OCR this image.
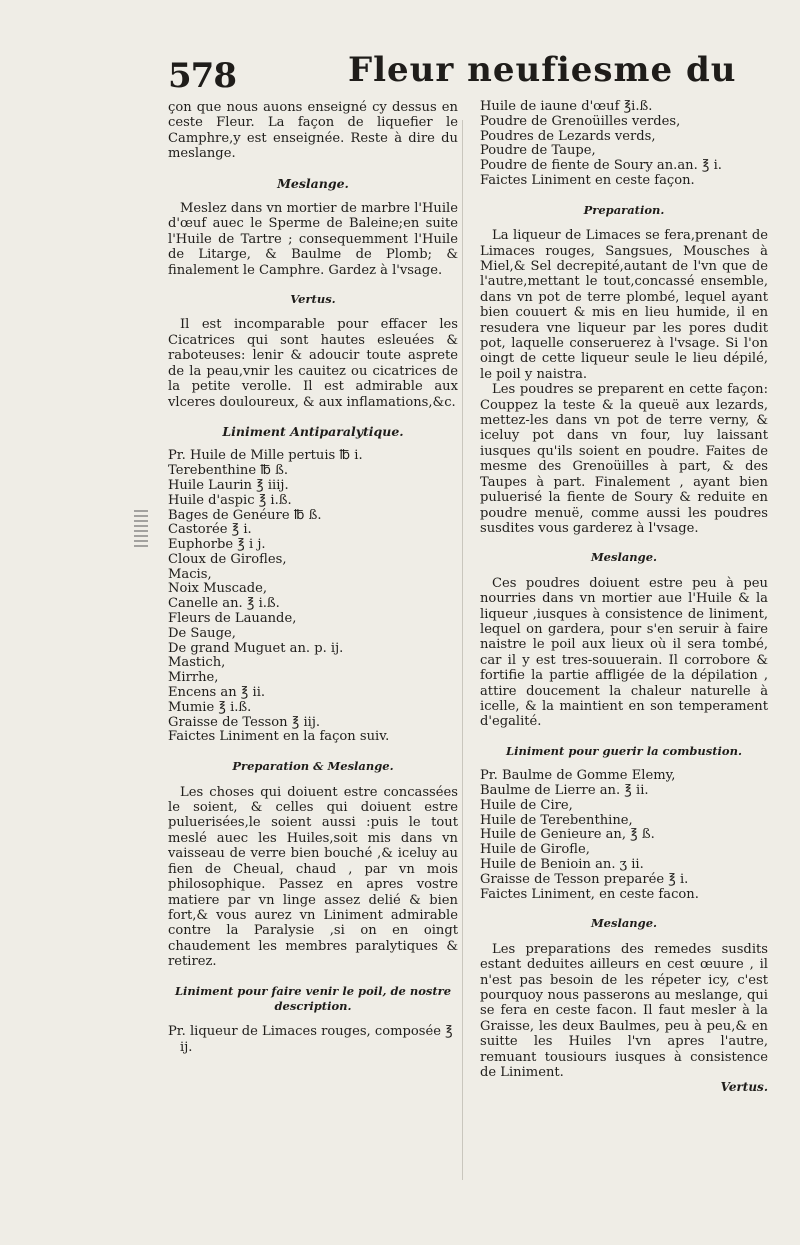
578	Fleur neufiesme du

çon que nous auons enseigné cy dessus en ceste Fleur. La façon de liquefier le Camphre,y est enseignée. Reste à dire du meslange.

Meslange.

Meslez dans vn mortier de marbre l'Huile d'œuf auec le Sperme de Baleine;en suite l'Huile de Tartre ; consequemment l'Huile de Litarge, & Baulme de Plomb; & finalement le Camphre. Gardez à l'vsage.

Vertus.

Il est incomparable pour effacer les Cicatrices qui sont hautes esleuées & raboteuses: lenir & adoucir toute asprete de la peau,vnir les cauitez ou cicatrices de la petite verolle. Il est admirable aux vlceres douloureux, & aux inflamations,&c.

Liniment Antiparalytique.

Pr. Huile de Mille pertuis ℔ i.

Terebenthine ℔ ß.

Huile Laurin ℥ iiij.

Huile d'aspic ℥ i.ß.

Bages de Genéure ℔ ß.

Castorée ℥ i.

Euphorbe ℥ i j.

Cloux de Girofles,

Macis,

Noix Muscade,

Canelle an. ℥ i.ß.

Fleurs de Lauande,

De Sauge,

De grand Muguet an. p. ij.

Mastich,

Mirrhe,

Encens an ℥ ii.

Mumie ℥ i.ß.

Graisse de Tesson ℥ iij.

Faictes Liniment en la façon suiv.

Preparation & Meslange.

Les choses qui doiuent estre concassées le soient, & celles qui doiuent estre puluerisées,le soient aussi :puis le tout meslé auec les Huiles,soit mis dans vn vaisseau de verre bien bouché ,& iceluy au fien de Cheual, chaud , par vn mois philosophique. Passez en apres vostre matiere par vn linge assez delié & bien fort,& vous aurez vn Liniment admirable contre la Paralysie ,si on en oingt chaudement les membres paralytiques & retirez.

Liniment pour faire venir le poil, de nostre description.

Pr. liqueur de Limaces rouges, composée ℥ ij.

Huile de iaune d'œuf ℥i.ß.

Poudre de Grenoüilles verdes,

Poudres de Lezards verds,

Poudre de Taupe,

Poudre de fiente de Soury an.an. ℥ i.

Faictes Liniment en ceste façon.

Preparation.

La liqueur de Limaces se fera,prenant de Limaces rouges, Sangsues, Mousches à Miel,& Sel decrepité,autant de l'vn que de l'autre,mettant le tout,concassé ensemble, dans vn pot de terre plombé, lequel ayant bien couuert & mis en lieu humide, il en resudera vne liqueur par les pores dudit pot, laquelle conseruerez à l'vsage. Si l'on oingt de cette liqueur seule le lieu dépilé, le poil y naistra.

Les poudres se preparent en cette façon: Couppez la teste & la queuë aux lezards, mettez-les dans vn pot de terre verny, & iceluy pot dans vn four, luy laissant iusques qu'ils soient en poudre. Faites de mesme des Grenoüilles à part, & des Taupes à part. Finalement , ayant bien puluerisé la fiente de Soury & reduite en poudre menuë, comme aussi les poudres susdites vous garderez à l'vsage.

Meslange.

Ces poudres doiuent estre peu à peu nourries dans vn mortier aue l'Huile & la liqueur ,iusques à consistence de liniment, lequel on gardera, pour s'en seruir à faire naistre le poil aux lieux où il sera tombé, car il y est tres-souuerain. Il corrobore & fortifie la partie affligée de la dépilation , attire doucement la chaleur naturelle à icelle, & la maintient en son temperament d'egalité.

Liniment pour guerir la combustion.

Pr. Baulme de Gomme Elemy,

Baulme de Lierre an. ℥ ii.

Huile de Cire,

Huile de Terebenthine,

Huile de Genieure an, ℥ ß.

Huile de Girofle,

Huile de Benioin an. ʒ ii.

Graisse de Tesson preparée ℥ i.

Faictes Liniment, en ceste facon.

Meslange.

Les preparations des remedes susdits estant deduites ailleurs en cest œuure , il n'est pas besoin de les répeter icy, c'est pourquoy nous passerons au meslange, qui se fera en ceste facon. Il faut mesler à la Graisse, les deux Baulmes, peu à peu,& en suitte les Huiles l'vn apres l'autre, remuant tousiours iusques à consistence de Liniment.

Vertus.
